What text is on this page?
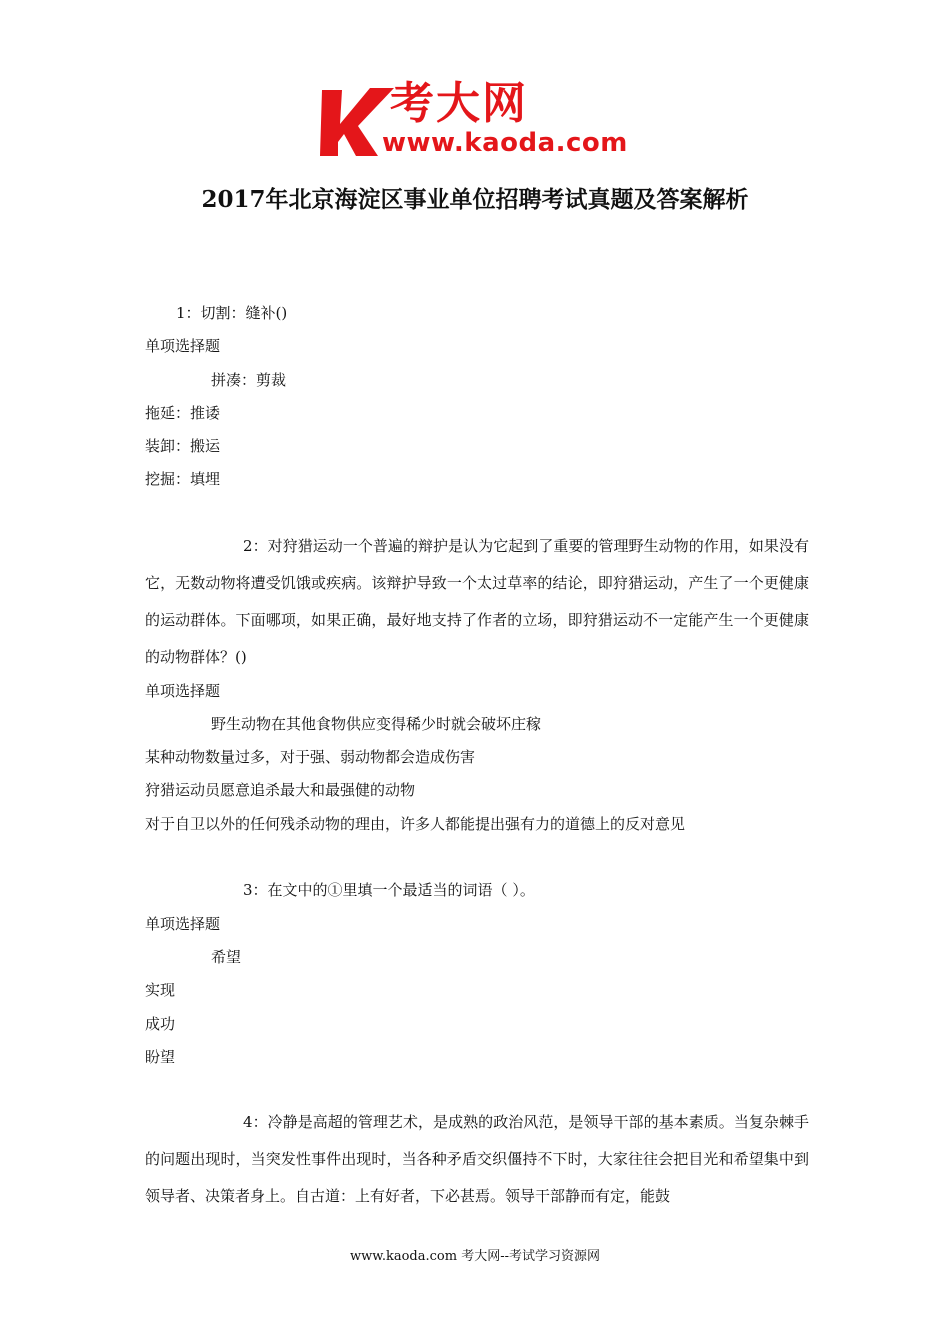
考大网
www.kaoda.com
2017年北京海淀区事业单位招聘考试真题及答案解析
1：切割：缝补()
单项选择题
拼凑：剪裁
拖延：推诿
装卸：搬运
挖掘：填埋
2：对狩猎运动一个普遍的辩护是认为它起到了重要的管理野生动物的作用，如果没有它，无数动物将遭受饥饿或疾病。该辩护导致一个太过草率的结论，即狩猎运动，产生了一个更健康的运动群体。下面哪项，如果正确，最好地支持了作者的立场，即狩猎运动不一定能产生一个更健康的动物群体？()
单项选择题
野生动物在其他食物供应变得稀少时就会破坏庄稼
某种动物数量过多，对于强、弱动物都会造成伤害
狩猎运动员愿意追杀最大和最强健的动物
对于自卫以外的任何残杀动物的理由，许多人都能提出强有力的道德上的反对意见
3：在文中的①里填一个最适当的词语（ ）。
单项选择题
希望
实现
成功
盼望
4：冷静是高超的管理艺术，是成熟的政治风范，是领导干部的基本素质。当复杂棘手的问题出现时，当突发性事件出现时，当各种矛盾交织僵持不下时，大家往往会把目光和希望集中到领导者、决策者身上。自古道：上有好者，下必甚焉。领导干部静而有定，能鼓
www.kaoda.com 考大网--考试学习资源网
